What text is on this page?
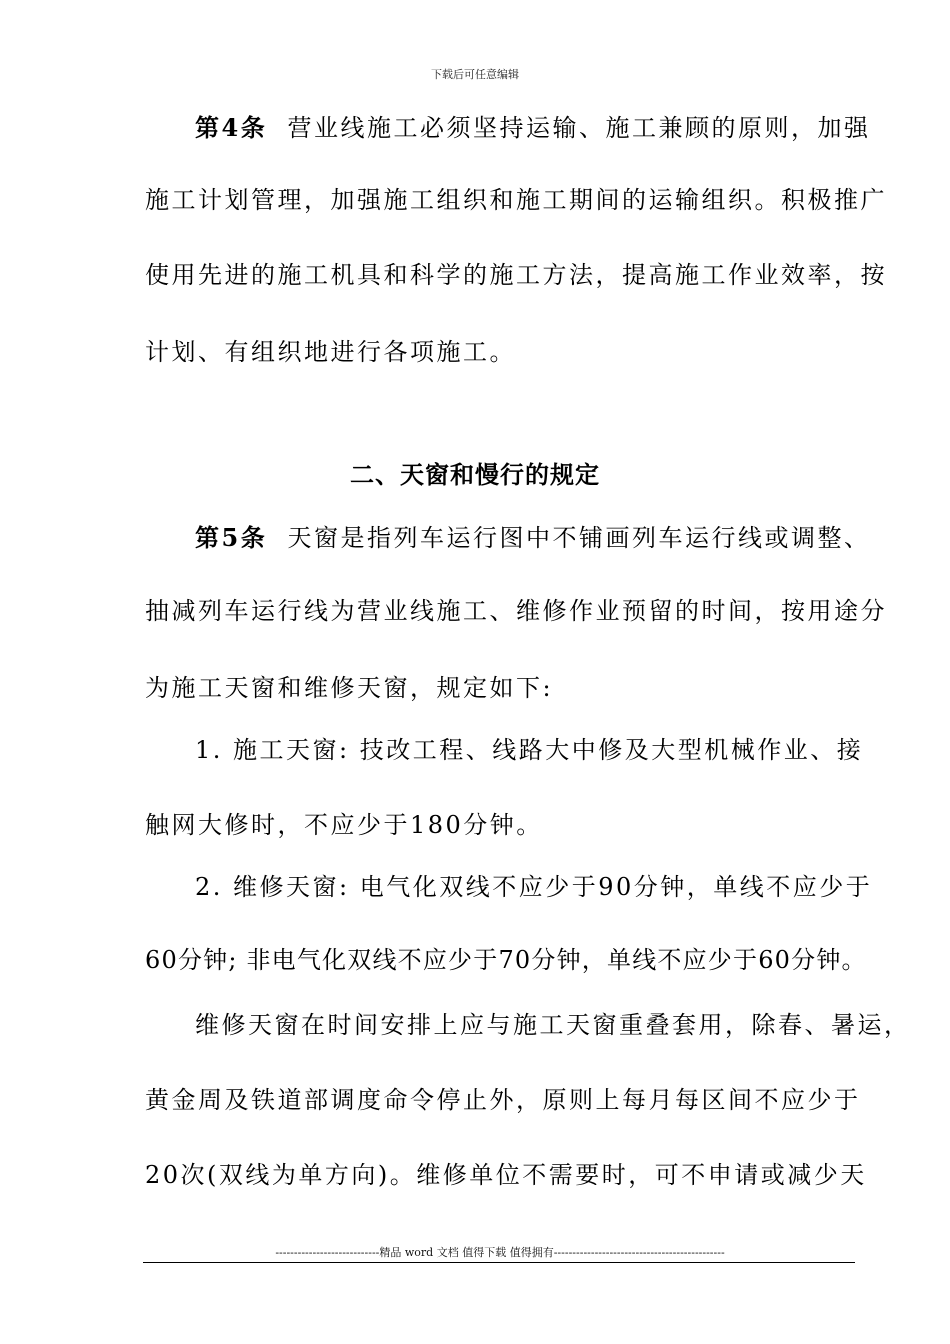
下载后可任意编辑
第4条 营业线施工必须坚持运输、施工兼顾的原则，加强
施工计划管理，加强施工组织和施工期间的运输组织。积极推广
使用先进的施工机具和科学的施工方法，提高施工作业效率，按
计划、有组织地进行各项施工。
二、天窗和慢行的规定
第5条 天窗是指列车运行图中不铺画列车运行线或调整、
抽减列车运行线为营业线施工、维修作业预留的时间，按用途分
为施工天窗和维修天窗，规定如下:
1. 施工天窗: 技改工程、线路大中修及大型机械作业、接
触网大修时，不应少于180分钟。
2. 维修天窗: 电气化双线不应少于90分钟，单线不应少于
60分钟; 非电气化双线不应少于70分钟，单线不应少于60分钟。
维修天窗在时间安排上应与施工天窗重叠套用，除春、暑运，
黄金周及铁道部调度命令停止外，原则上每月每区间不应少于
20次(双线为单方向)。维修单位不需要时，可不申请或减少天
----------------------------精品 word 文档 值得下载 值得拥有----------------------------------------------
